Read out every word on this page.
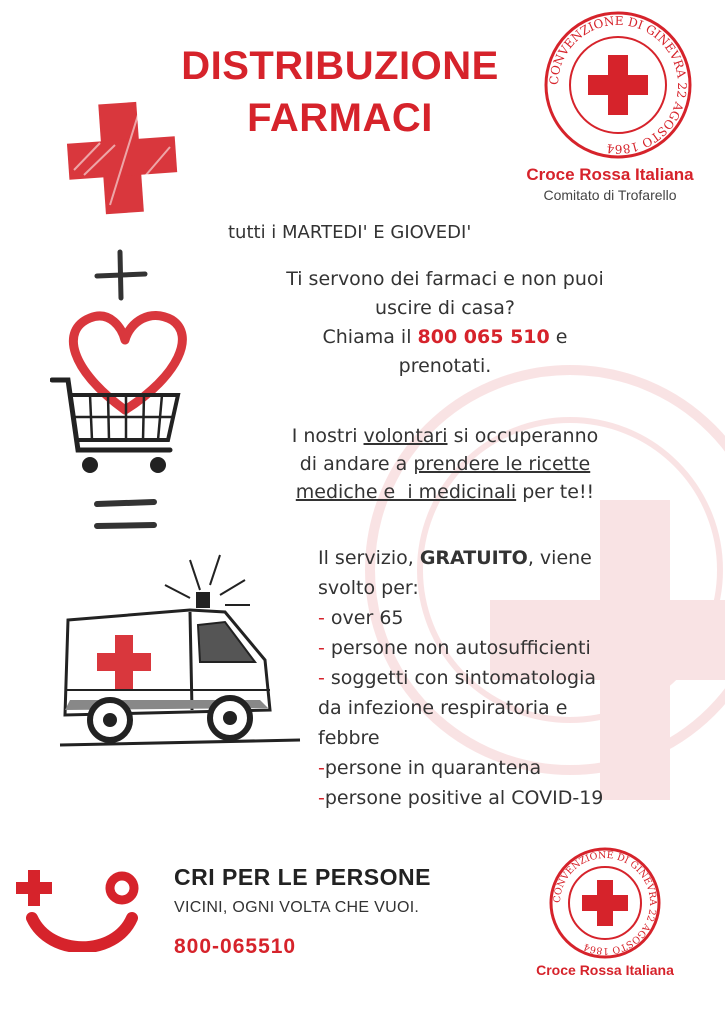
DISTRIBUZIONE
FARMACI
CONVENZIONE DI GINEVRA 22 AGOSTO 1864
Croce Rossa Italiana
Comitato di Trofarello
tutti i MARTEDI' E GIOVEDI'
Ti servono dei farmaci e non puoi
uscire di casa?
Chiama il 800 065 510 e
prenotati.
I nostri volontari si occuperanno
di andare a prendere le ricette
mediche e  i medicinali per te!!
Il servizio, GRATUITO, viene
svolto per:
- over 65
- persone non autosufficienti
- soggetti con sintomatologia
da infezione respiratoria e
febbre
-persone in quarantena
-persone positive al COVID-19
CRI PER LE PERSONE
VICINI, OGNI VOLTA CHE VUOI.
800-065510
CONVENZIONE DI GINEVRA 22 AGOSTO 1864
Croce Rossa Italiana
